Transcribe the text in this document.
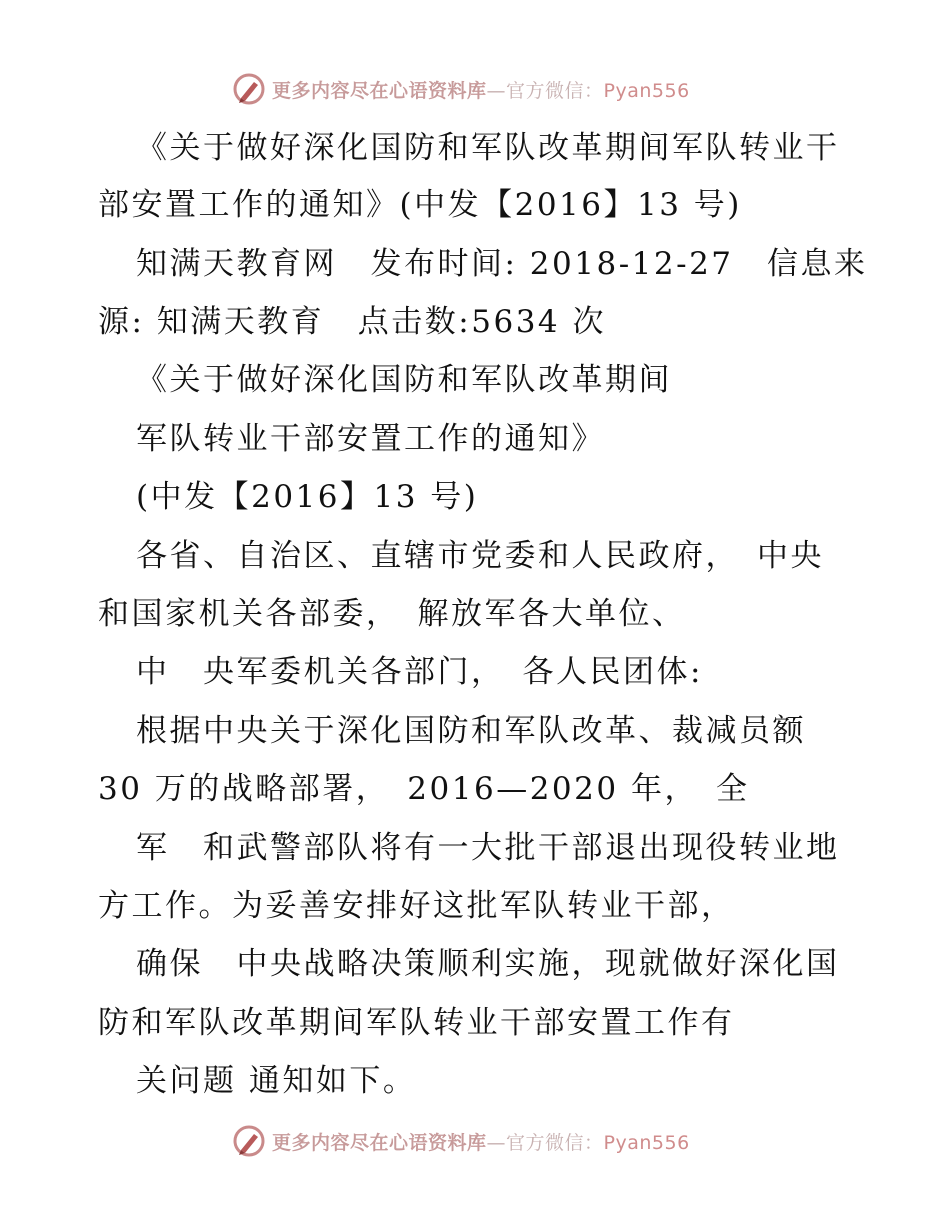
更多内容尽在心语资料库—官方微信：Pyan556
《关于做好深化国防和军队改革期间军队转业干
部安置工作的通知》(中发【2016】13 号)
知满天教育网　发布时间: 2018-12-27　信息来
源: 知满天教育　点击数:5634 次
《关于做好深化国防和军队改革期间
军队转业干部安置工作的通知》
(中发【2016】13 号)
各省、自治区、直辖市党委和人民政府，　中央
和国家机关各部委，　解放军各大单位、
中　央军委机关各部门，　各人民团体:
根据中央关于深化国防和军队改革、裁减员额
30 万的战略部署，　2016—2020 年，　全
军　和武警部队将有一大批干部退出现役转业地
方工作。为妥善安排好这批军队转业干部，
确保　中央战略决策顺利实施，现就做好深化国
防和军队改革期间军队转业干部安置工作有
关问题 通知如下。
更多内容尽在心语资料库—官方微信：Pyan556
